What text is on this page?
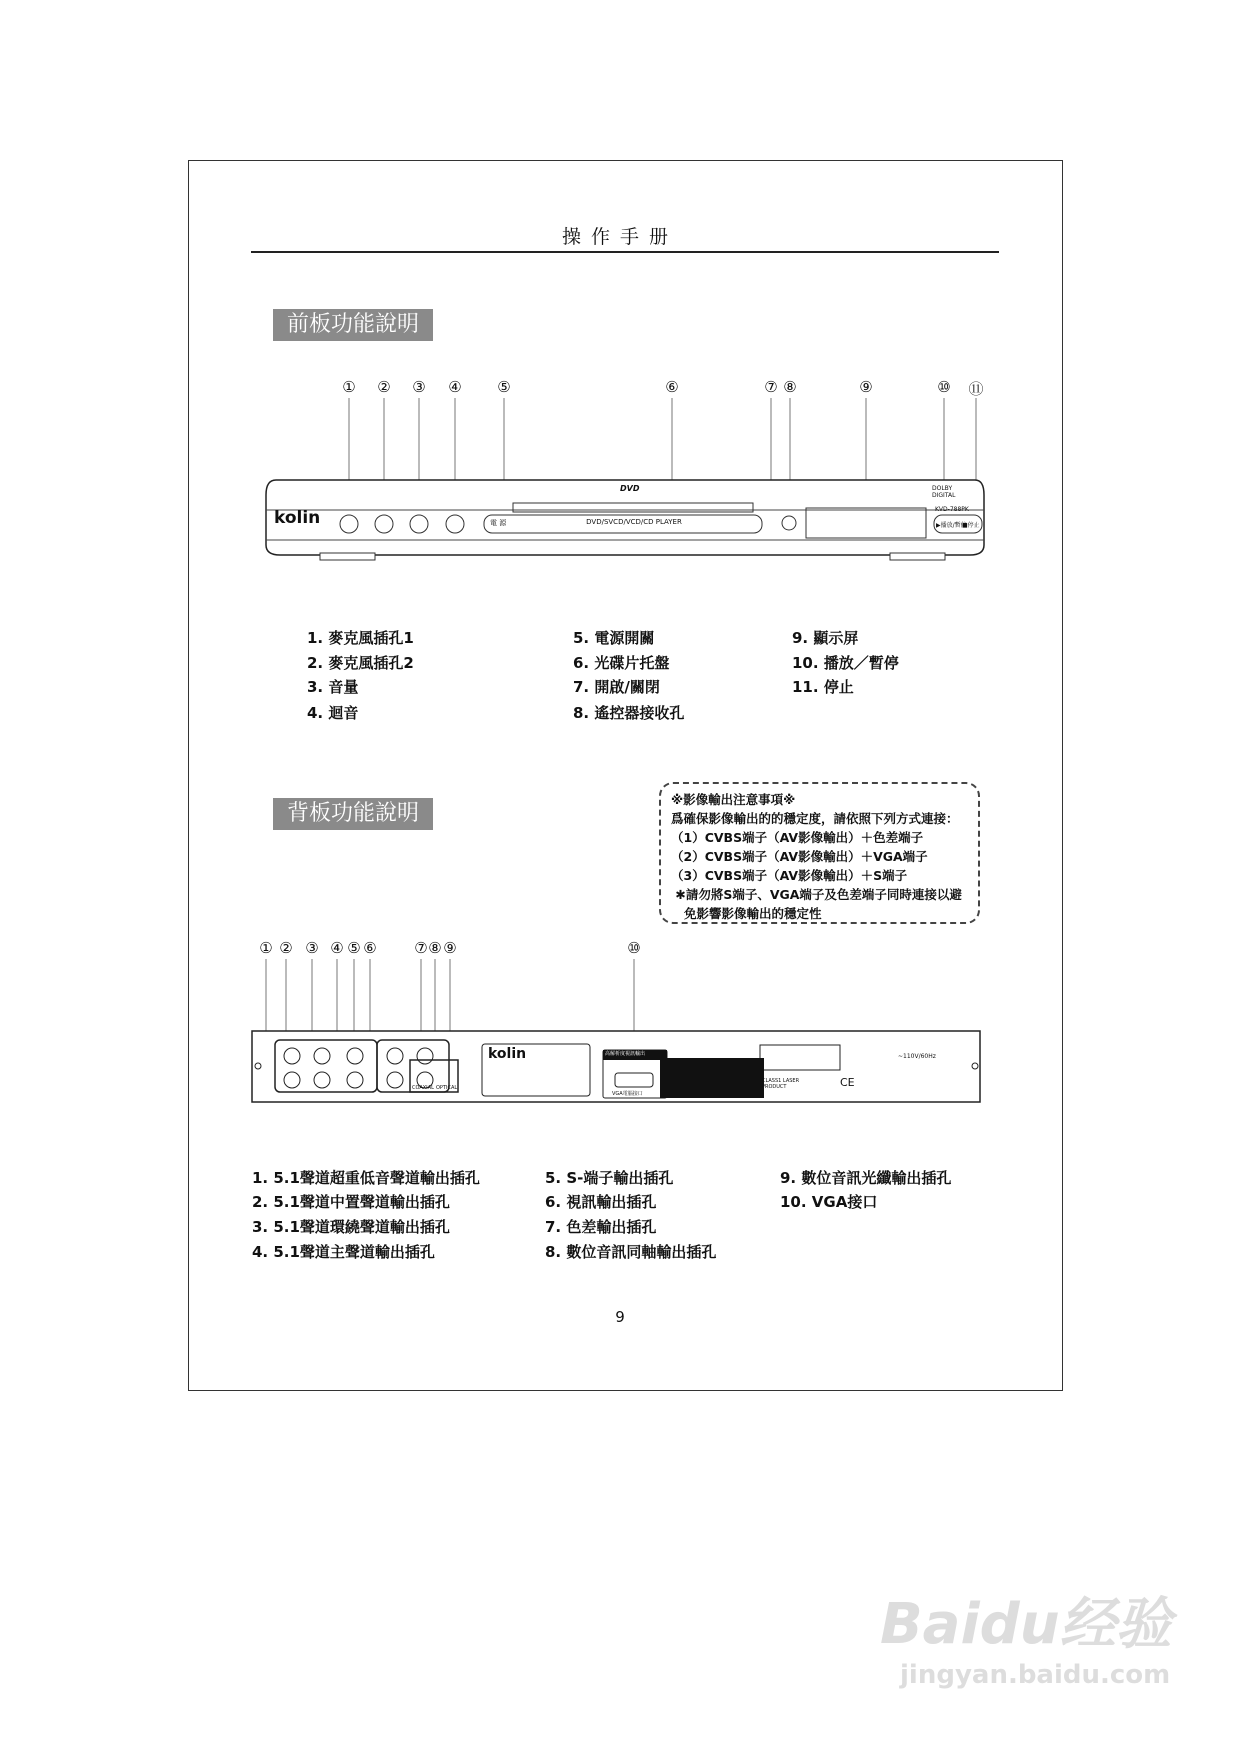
操作手册
前板功能說明
① ② ③ ④ ⑤	⑥	⑦ ⑧	⑨	⑩ ⑪
kolin	DVD/SVCD/VCD/CD PLAYER
電 源
DVD	DOLBY DIGITAL
KVD-788PK
▶播放/暫停
■停止
kolin	高解析度視訊輸出
VGA電腦接口
~110V/60Hz
CLASS1 LASER PRODUCT	CE
COAXIAL OPTICAL
1. 麥克風插孔1
2. 麥克風插孔2
3. 音量
4. 迴音
5. 電源開關
6. 光碟片托盤
7. 開啟/關閉
8. 遙控器接收孔
9. 顯示屏
10. 播放／暫停
11. 停止
背板功能說明
※影像輸出注意事項※
爲確保影像輸出的的穩定度，請依照下列方式連接：
（1）CVBS端子（AV影像輸出）＋色差端子
（2）CVBS端子（AV影像輸出）＋VGA端子
（3）CVBS端子（AV影像輸出）＋S端子
✱請勿將S端子、VGA端子及色差端子同時連接以避
免影響影像輸出的穩定性
① ② ③ ④ ⑤ ⑥	⑦ ⑧ ⑨	⑩
1. 5.1聲道超重低音聲道輸出插孔
2. 5.1聲道中置聲道輸出插孔
3. 5.1聲道環繞聲道輸出插孔
4. 5.1聲道主聲道輸出插孔
5. S-端子輸出插孔
6. 視訊輸出插孔
7. 色差輸出插孔
8. 數位音訊同軸輸出插孔
9. 數位音訊光纖輸出插孔
10. VGA接口
9
Baidu经验
jingyan.baidu.com
